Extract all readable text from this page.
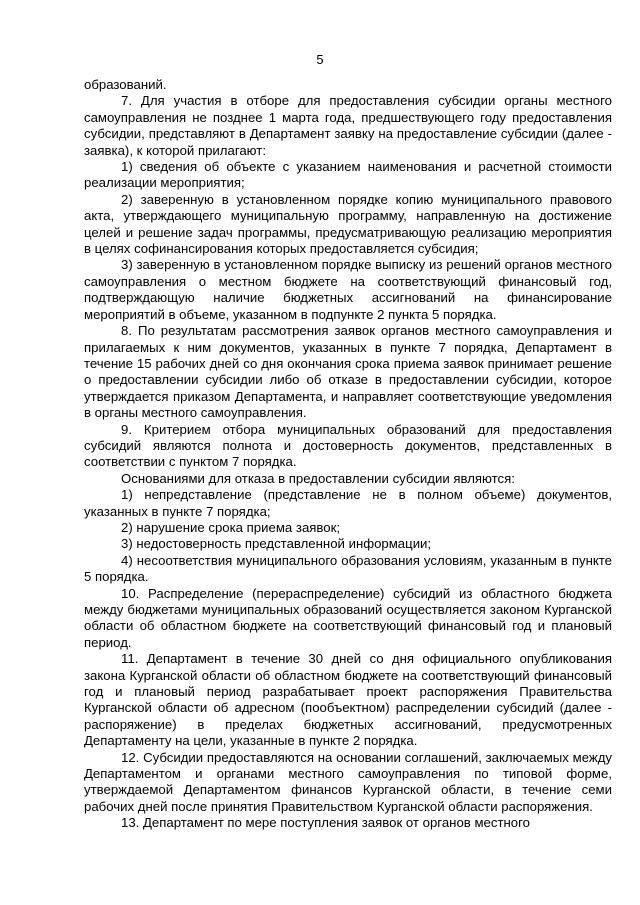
5

образований.

7. Для участия в отборе для предоставления субсидии органы местного самоуправления не позднее 1 марта года, предшествующего году предоставления субсидии, представляют в Департамент заявку на предоставление субсидии (далее - заявка), к которой прилагают:

1) сведения об объекте с указанием наименования и расчетной стоимости реализации мероприятия;

2) заверенную в установленном порядке копию муниципального правового акта, утверждающего муниципальную программу, направленную на достижение целей и решение задач программы, предусматривающую реализацию мероприятия в целях софинансирования которых предоставляется субсидия;

3) заверенную в установленном порядке выписку из решений органов местного самоуправления о местном бюджете на соответствующий финансовый год, подтверждающую наличие бюджетных ассигнований на финансирование мероприятий в объеме, указанном в подпункте 2 пункта 5 порядка.

8. По результатам рассмотрения заявок органов местного самоуправления и прилагаемых к ним документов, указанных в пункте 7 порядка, Департамент в течение 15 рабочих дней со дня окончания срока приема заявок принимает решение о предоставлении субсидии либо об отказе в предоставлении субсидии, которое утверждается приказом Департамента, и направляет соответствующие уведомления в органы местного самоуправления.

9. Критерием отбора муниципальных образований для предоставления субсидий являются полнота и достоверность документов, представленных в соответствии с пунктом 7 порядка.

Основаниями для отказа в предоставлении субсидии являются:

1) непредставление (представление не в полном объеме) документов, указанных в пункте 7 порядка;

2) нарушение срока приема заявок;

3) недостоверность представленной информации;

4) несоответствия муниципального образования условиям, указанным в пункте 5 порядка.

10. Распределение (перераспределение) субсидий из областного бюджета между бюджетами муниципальных образований осуществляется законом Курганской области об областном бюджете на соответствующий финансовый год и плановый период.

11. Департамент в течение 30 дней со дня официального опубликования закона Курганской области об областном бюджете на соответствующий финансовый год и плановый период разрабатывает проект распоряжения Правительства Курганской области об адресном (пообъектном) распределении субсидий (далее - распоряжение) в пределах бюджетных ассигнований, предусмотренных Департаменту на цели, указанные в пункте 2 порядка.

12. Субсидии предоставляются на основании соглашений, заключаемых между Департаментом и органами местного самоуправления по типовой форме, утверждаемой Департаментом финансов Курганской области, в течение семи рабочих дней после принятия Правительством Курганской области распоряжения.

13. Департамент по мере поступления заявок от органов местного
